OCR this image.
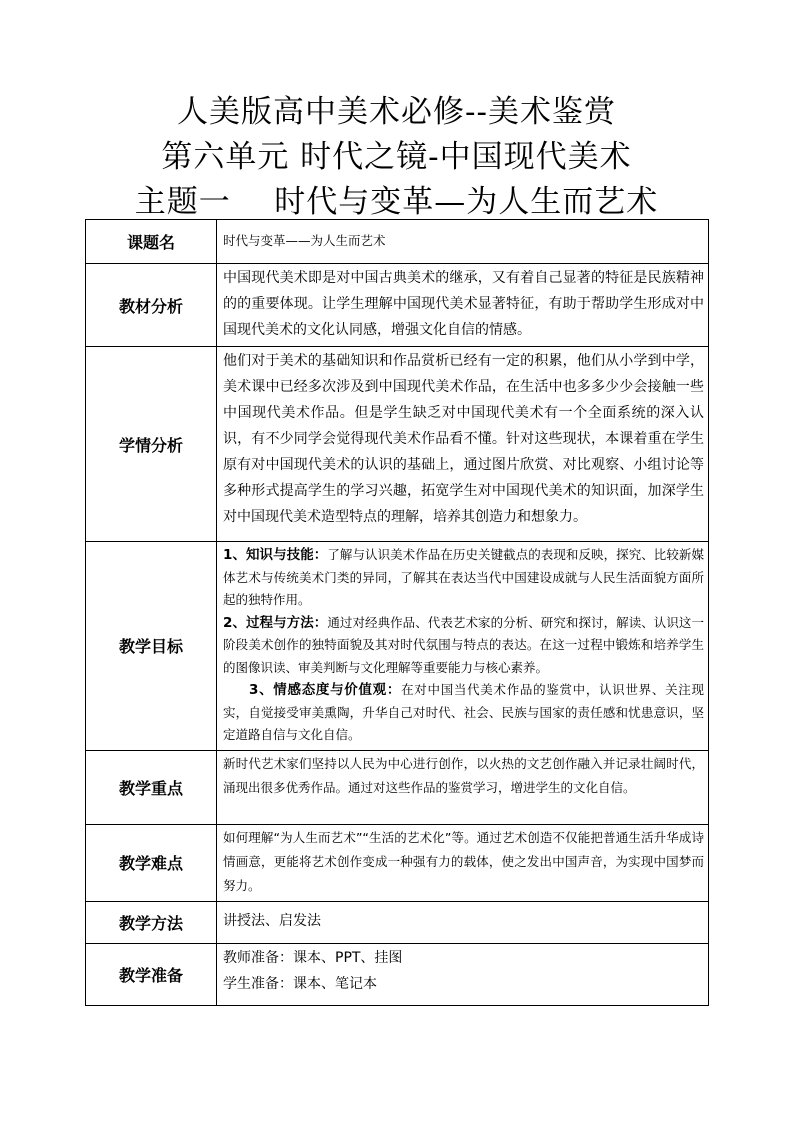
人美版高中美术必修--美术鉴赏
第六单元 时代之镜-中国现代美术
主题一    时代与变革—为人生而艺术
课题名	时代与变革——为人生而艺术
教材分析	中国现代美术即是对中国古典美术的继承，又有着自己显著的特征是民族精神的的重要体现。让学生理解中国现代美术显著特征，有助于帮助学生形成对中国现代美术的文化认同感，增强文化自信的情感。
学情分析	他们对于美术的基础知识和作品赏析已经有一定的积累，他们从小学到中学，美术课中已经多次涉及到中国现代美术作品，在生活中也多多少少会接触一些中国现代美术作品。但是学生缺乏对中国现代美术有一个全面系统的深入认识，有不少同学会觉得现代美术作品看不懂。针对这些现状，本课着重在学生原有对中国现代美术的认识的基础上，通过图片欣赏、对比观察、小组讨论等多种形式提高学生的学习兴趣，拓宽学生对中国现代美术的知识面，加深学生对中国现代美术造型特点的理解，培养其创造力和想象力。
教学目标	1、知识与技能：了解与认识美术作品在历史关键截点的表现和反映，探究、比较新媒体艺术与传统美术门类的异同，了解其在表达当代中国建设成就与人民生活面貌方面所起的独特作用。
2、过程与方法：通过对经典作品、代表艺术家的分析、研究和探讨，解读、认识这一阶段美术创作的独特面貌及其对时代氛围与特点的表达。在这一过程中锻炼和培养学生的图像识读、审美判断与文化理解等重要能力与核心素养。
3、情感态度与价值观：在对中国当代美术作品的鉴赏中，认识世界、关注现实，自觉接受审美熏陶，升华自己对时代、社会、民族与国家的责任感和忧患意识，坚定道路自信与文化自信。

教学重点	新时代艺术家们坚持以人民为中心进行创作，以火热的文艺创作融入并记录壮阔时代，涌现出很多优秀作品。通过对这些作品的鉴赏学习，增进学生的文化自信。
教学难点	如何理解“为人生而艺术”“生活的艺术化”等。通过艺术创造不仅能把普通生活升华成诗情画意，更能将艺术创作变成一种强有力的载体，使之发出中国声音，为实现中国梦而努力。
教学方法	讲授法、启发法
教学准备	教师准备：课本、PPT、挂图
学生准备：课本、笔记本
